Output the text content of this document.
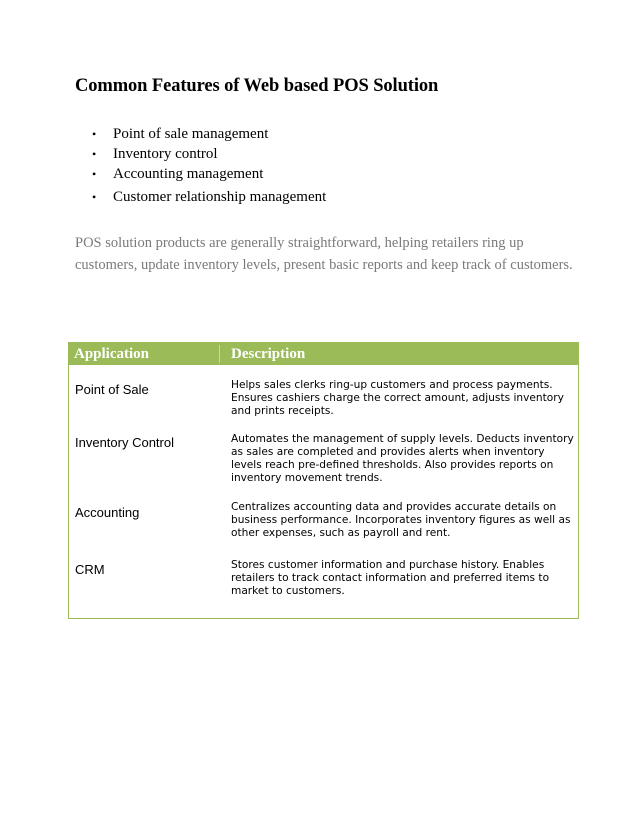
Common Features of Web based POS Solution
• Point of sale management
• Inventory control
• Accounting management
• Customer relationship management

POS solution products are generally straightforward, helping retailers ring up customers, update inventory levels, present basic reports and keep track of customers.

Application	Description
Point of Sale	Helps sales clerks ring-up customers and process payments. Ensures cashiers charge the correct amount, adjusts inventory and prints receipts.
Inventory Control	Automates the management of supply levels. Deducts inventory as sales are completed and provides alerts when inventory levels reach pre-defined thresholds. Also provides reports on inventory movement trends.
Accounting	Centralizes accounting data and provides accurate details on business performance. Incorporates inventory figures as well as other expenses, such as payroll and rent.
CRM	Stores customer information and purchase history. Enables retailers to track contact information and preferred items to market to customers.
